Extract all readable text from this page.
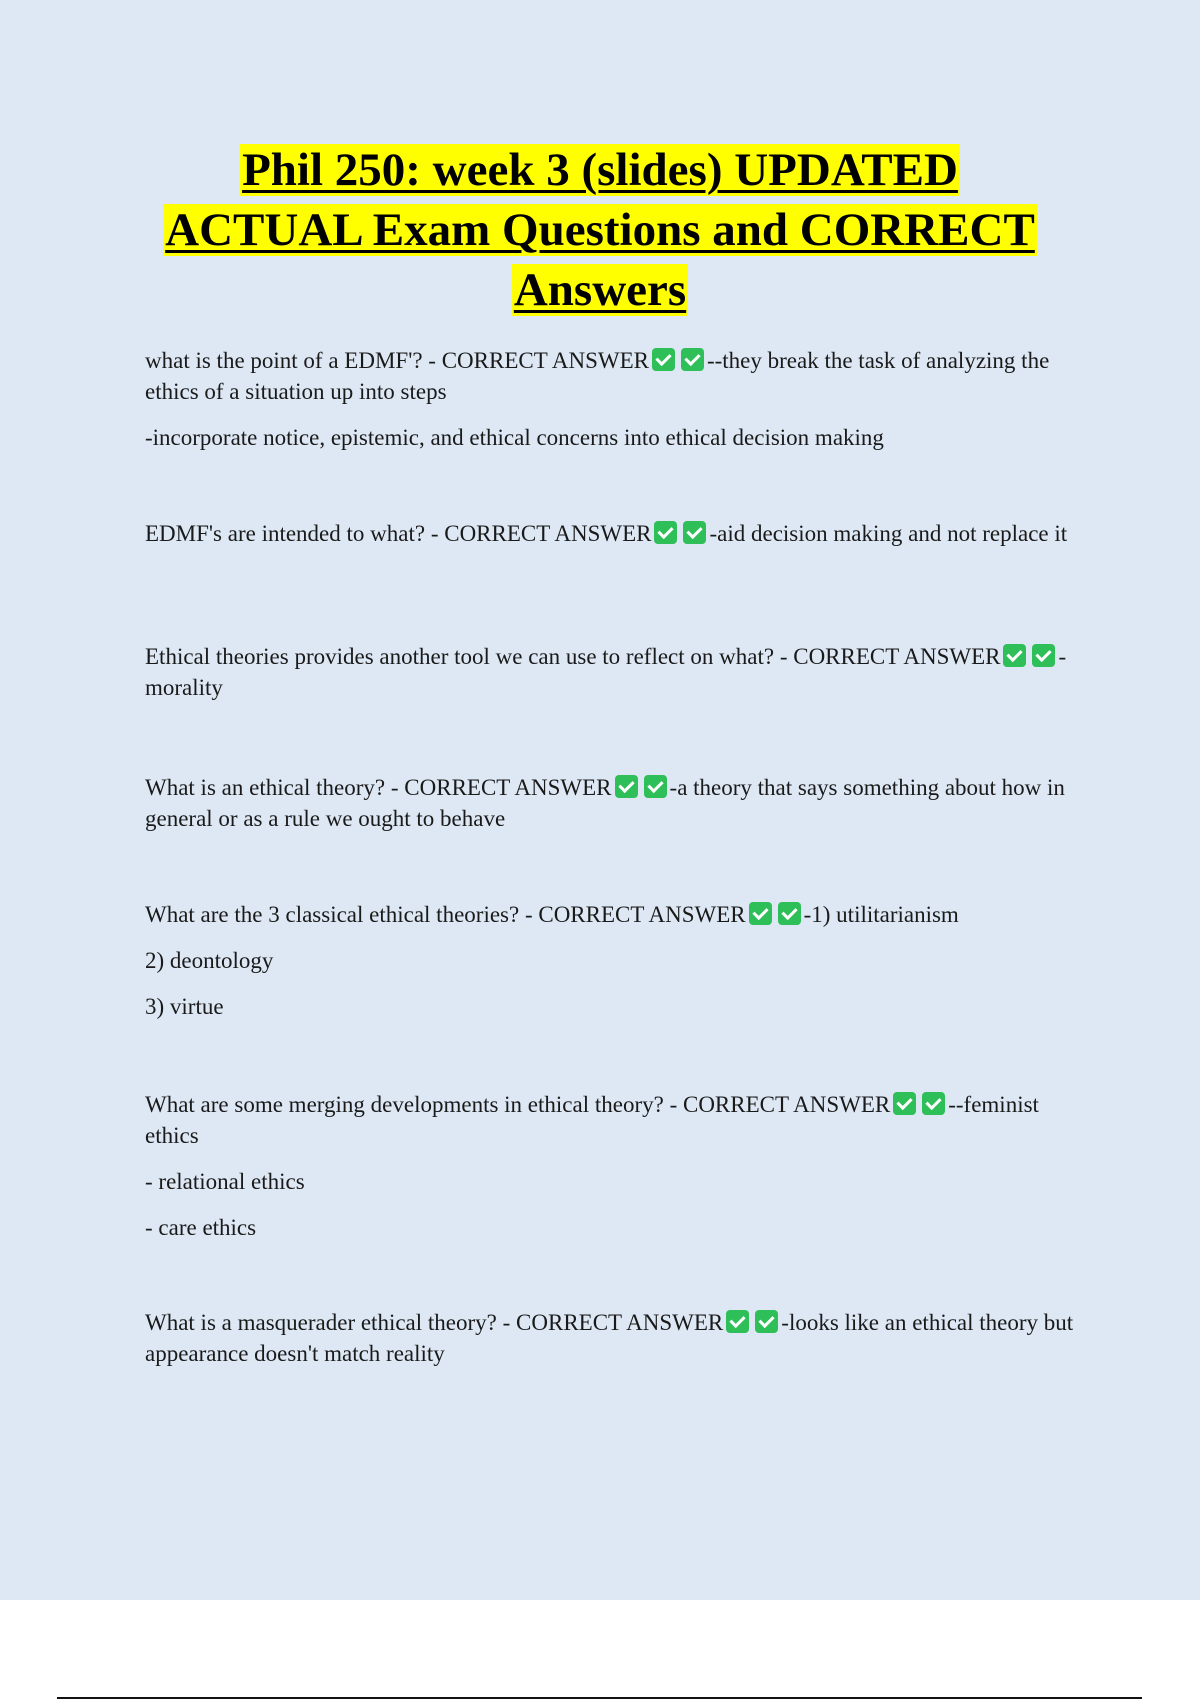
Phil 250: week 3 (slides) UPDATED
ACTUAL Exam Questions and CORRECT
Answers

what is the point of a EDMF'? - CORRECT ANSWER	--they break the task of analyzing the ethics of a situation up into steps

-incorporate notice, epistemic, and ethical concerns into ethical decision making

EDMF's are intended to what? - CORRECT ANSWER	-aid decision making and not replace it

Ethical theories provides another tool we can use to reflect on what? - CORRECT ANSWER	-morality

What is an ethical theory? - CORRECT ANSWER	-a theory that says something about how in general or as a rule we ought to behave

What are the 3 classical ethical theories? - CORRECT ANSWER	-1) utilitarianism

2) deontology

3) virtue

What are some merging developments in ethical theory? - CORRECT ANSWER	--feminist ethics

- relational ethics

- care ethics

What is a masquerader ethical theory? - CORRECT ANSWER	-looks like an ethical theory but appearance doesn't match reality
